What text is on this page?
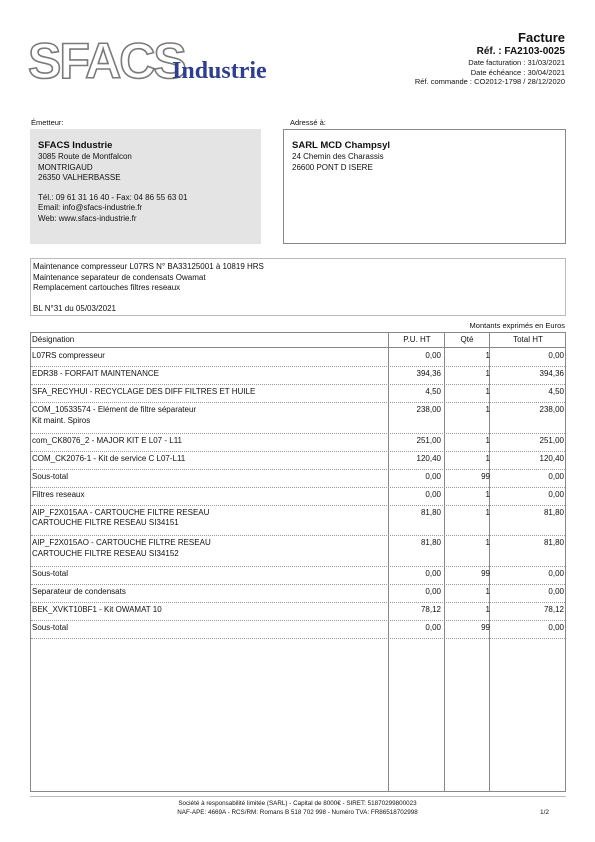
SFACS
Industrie
Facture
Réf. : FA2103-0025
Date facturation : 31/03/2021
Date échéance : 30/04/2021
Réf. commande : CO2012-1798 / 28/12/2020
Émetteur:	Adressé à:
SFACS Industrie
3085 Route de Montfalcon
MONTRIGAUD
26350 VALHERBASSE
Tél.: 09 61 31 16 40 - Fax: 04 86 55 63 01
Email: info@sfacs-industrie.fr
Web: www.sfacs-industrie.fr
SARL MCD Champsyl
24 Chemin des Charassis
26600 PONT D ISERE
Maintenance compresseur L07RS N° BA33125001 à 10819 HRS
Maintenance separateur de condensats Owamat
Remplacement cartouches filtres reseaux
BL N°31 du 05/03/2021
Montants exprimés en Euros
Désignation	P.U. HT	Qté	Total HT
L07RS compresseur	0,00	1	0,00
EDR38 - FORFAIT MAINTENANCE	394,36	1	394,36
SFA_RECYHUI - RECYCLAGE DES DIFF FILTRES ET HUILE	4,50	1	4,50
COM_10533574 - Elément de filtre séparateur
Kit maint. Spiros
238,00	1	238,00
com_CK8076_2 - MAJOR KIT E L07 - L11	251,00	1	251,00
COM_CK2076-1 - Kit de service C L07-L11	120,40	1	120,40
Sous-total	0,00	99	0,00
Filtres reseaux	0,00	1	0,00
AIP_F2X015AA - CARTOUCHE FILTRE RESEAU
CARTOUCHE FILTRE RESEAU SI34151
81,80	1	81,80
AIP_F2X015AO - CARTOUCHE FILTRE RESEAU
CARTOUCHE FILTRE RESEAU SI34152
81,80	1	81,80
Sous-total	0,00	99	0,00
Separateur de condensats	0,00	1	0,00
BEK_XVKT10BF1 - Kit OWAMAT 10	78,12	1	78,12
Sous-total	0,00	99	0,00
Société à responsabilité limitée (SARL) - Capital de 8000€ - SIRET: 51870299800023
NAF-APE: 4669A - RCS/RM: Romans B 518 702 998 - Numéro TVA: FR86518702998	1/2
